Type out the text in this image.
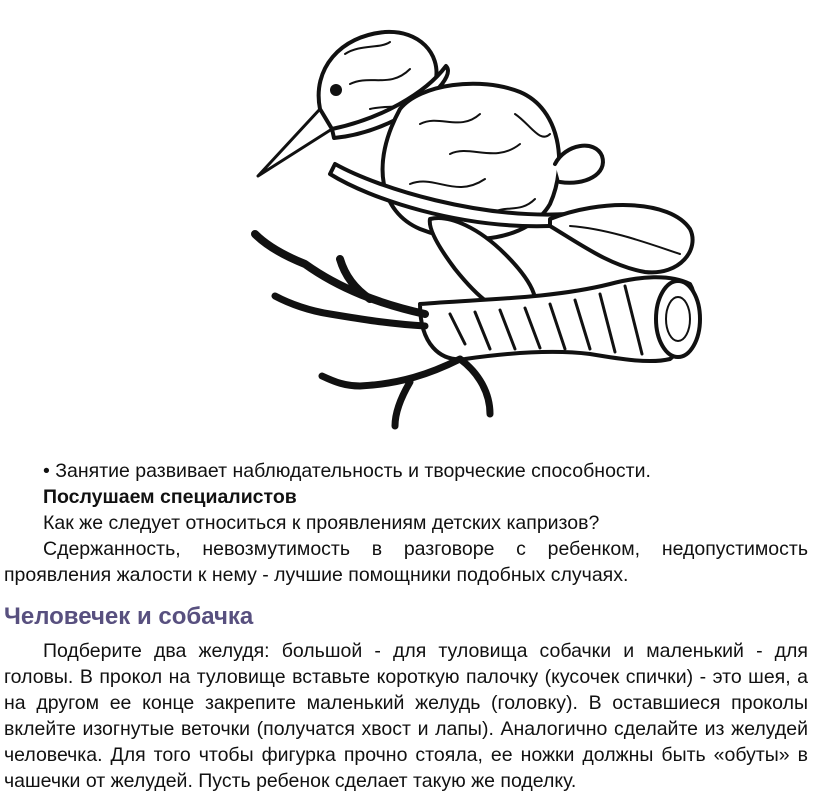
• Занятие развивает наблюдательность и творческие способности.

Послушаем специалистов

Как же следует относиться к проявлениям детских капризов?

Сдержанность, невозмутимость в разговоре с ребенком, недопустимость

проявления жалости к нему - лучшие помощники подобных случаях.

Человечек и собачка

Подберите два желудя: большой - для туловища собачки и маленький - для головы. В прокол на туловище вставьте короткую палочку (кусочек спички) - это шея, а на другом ее конце закрепите маленький желудь (головку). В оставшиеся проколы вклейте изогнутые веточки (получатся хвост и лапы). Аналогично сделайте из желудей человечка. Для того чтобы фигурка прочно стояла, ее ножки должны быть «обуты» в чашечки от желудей. Пусть ребенок сделает такую же поделку.
